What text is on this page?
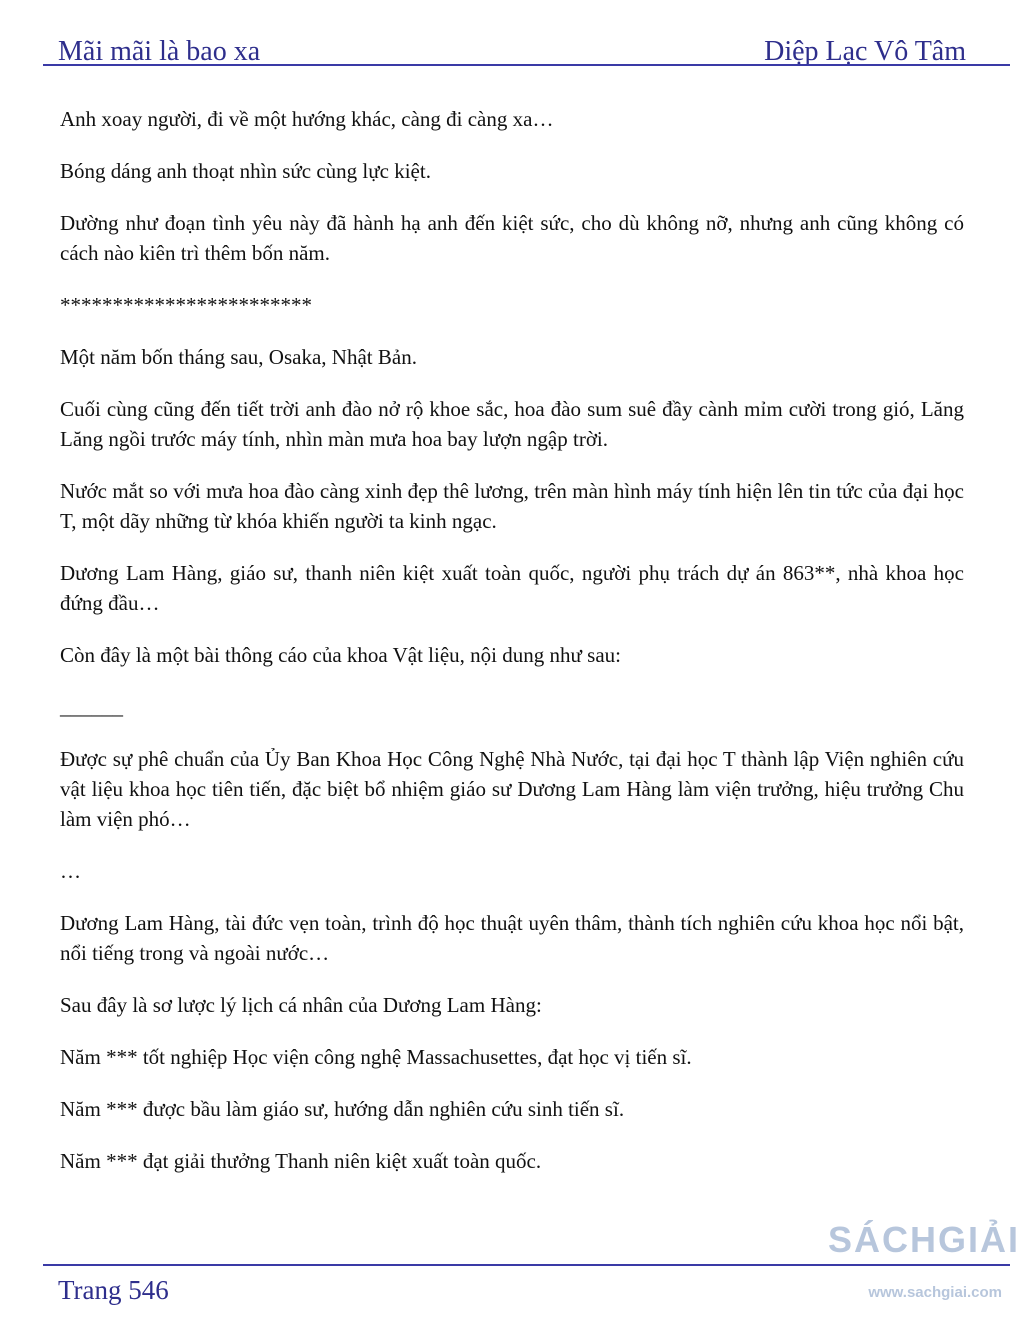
Mãi mãi là bao xa	Diệp Lạc Vô Tâm

Anh xoay người, đi về một hướng khác, càng đi càng xa…

Bóng dáng anh thoạt nhìn sức cùng lực kiệt.

Dường như đoạn tình yêu này đã hành hạ anh đến kiệt sức, cho dù không nỡ, nhưng anh cũng không có cách nào kiên trì thêm bốn năm.

************************

Một năm bốn tháng sau, Osaka, Nhật Bản.

Cuối cùng cũng đến tiết trời anh đào nở rộ khoe sắc, hoa đào sum suê đầy cành mỉm cười trong gió, Lăng Lăng ngồi trước máy tính, nhìn màn mưa hoa bay lượn ngập trời.

Nước mắt so với mưa hoa đào càng xinh đẹp thê lương, trên màn hình máy tính hiện lên tin tức của đại học T, một dãy những từ khóa khiến người ta kinh ngạc.

Dương Lam Hàng, giáo sư, thanh niên kiệt xuất toàn quốc, người phụ trách dự án 863**, nhà khoa học đứng đầu…

Còn đây là một bài thông cáo của khoa Vật liệu, nội dung như sau:

______

Được sự phê chuẩn của Ủy Ban Khoa Học Công Nghệ Nhà Nước, tại đại học T thành lập Viện nghiên cứu vật liệu khoa học tiên tiến, đặc biệt bổ nhiệm giáo sư Dương Lam Hàng làm viện trưởng, hiệu trưởng Chu làm viện phó…

…

Dương Lam Hàng, tài đức vẹn toàn, trình độ học thuật uyên thâm, thành tích nghiên cứu khoa học nổi bật, nổi tiếng trong và ngoài nước…

Sau đây là sơ lược lý lịch cá nhân của Dương Lam Hàng:

Năm *** tốt nghiệp Học viện công nghệ Massachusettes, đạt học vị tiến sĩ.

Năm *** được bầu làm giáo sư, hướng dẫn nghiên cứu sinh tiến sĩ.

Năm *** đạt giải thưởng Thanh niên kiệt xuất toàn quốc.

Trang 546
SÁCHGIẢI
www.sachgiai.com
